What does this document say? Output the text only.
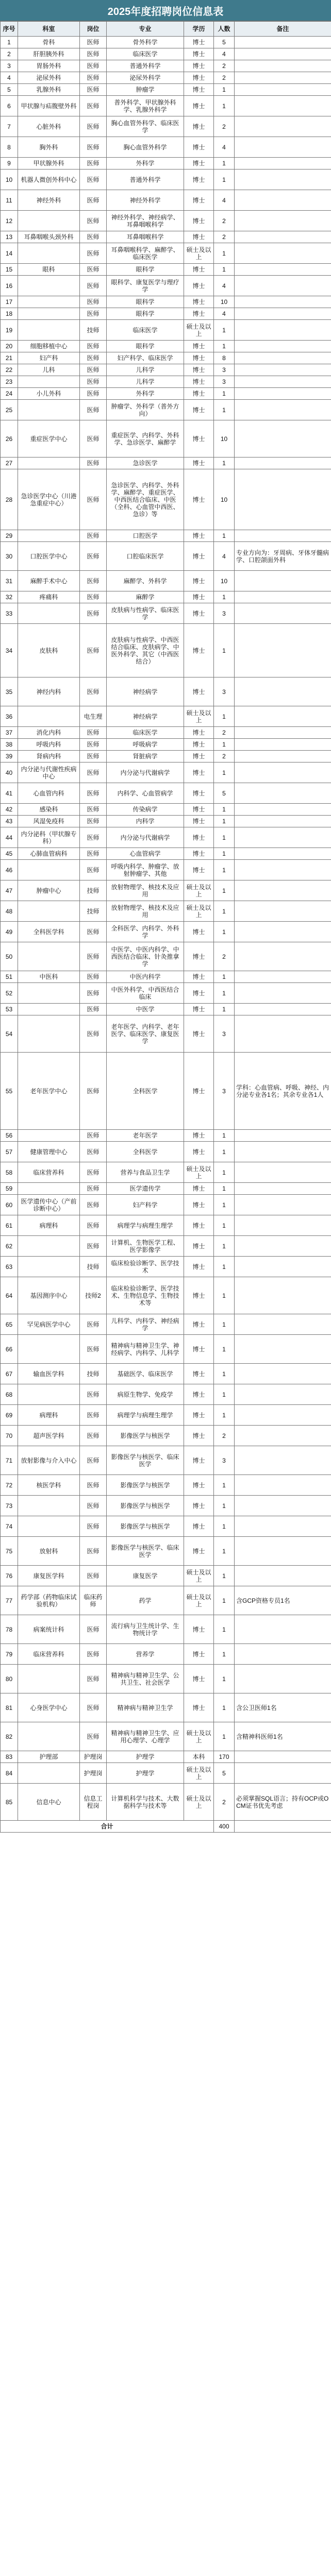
2025年度招聘岗位信息表
序号	科室	岗位	专业	学历	人数	备注
1	骨科	医师	骨外科学	博士	5	
2	肝胆胰外科	医师	临床医学	博士	4	
3	胃肠外科	医师	普通外科学	博士	2	
4	泌尿外科	医师	泌尿外科学	博士	2	
5	乳腺外科	医师	肿瘤学	博士	1	
6	甲状腺与疝腹壁外科	医师	普外科学、甲状腺外科学、乳腺外科学	博士	1	
7	心脏外科	医师	胸心血管外科学、临床医学	博士	2	
8	胸外科	医师	胸心血管外科学	博士	4	
9	甲状腺外科	医师	外科学	博士	1	
10	机器人微创外科中心	医师	普通外科学	博士	1	
11	神经外科	医师	神经外科学	博士	4	
12		医师	神经外科学、神经病学、耳鼻咽喉科学	博士	2	
13	耳鼻咽喉头颈外科	医师	耳鼻咽喉科学	博士	2	
14		医师	耳鼻咽喉科学、麻醉学、临床医学	硕士及以上	1	
15	眼科	医师	眼科学	博士	1	
16		医师	眼科学、康复医学与理疗学	博士	4	
17		医师	眼科学	博士	10	
18		医师	眼科学	博士	4	
19		技师	临床医学	硕士及以上	1	
20	细胞移植中心	医师	眼科学	博士	1	
21	妇产科	医师	妇产科学、临床医学	博士	8	
22	儿科	医师	儿科学	博士	3	
23		医师	儿科学	博士	3	
24	小儿外科	医师	外科学	博士	1	
25		医师	肿瘤学、外科学（普外方向）	博士	1	
26	重症医学中心	医师	重症医学、内科学、外科学、急诊医学、麻醉学	博士	10	
27		医师	急诊医学	博士	1	
28	急诊医学中心（川港急重症中心）	医师	急诊医学、内科学、外科学、麻醉学、重症医学、中西医结合临床、中医（全科、心血管中西医、急诊）等	博士	10	
29		医师	口腔医学	博士	1	
30	口腔医学中心	医师	口腔临床医学	博士	4	专业方向为：牙周病、牙体牙髓病学、口腔颌面外科
31	麻醉手术中心	医师	麻醉学、外科学	博士	10	
32	疼痛科	医师	麻醉学	博士	1	
33		医师	皮肤病与性病学、临床医学	博士	3	
34	皮肤科	医师	皮肤病与性病学、中西医结合临床、皮肤病学、中医外科学、其它（中西医结合）	博士	1	
35	神经内科	医师	神经病学	博士	3	
36		电生理	神经病学	硕士及以上	1	
37	消化内科	医师	临床医学	博士	2	
38	呼吸内科	医师	呼吸病学	博士	1	
39	肾病内科	医师	肾脏病学	博士	2	
40	内分泌与代谢性疾病中心	医师	内分泌与代谢病学	博士	1	
41	心血管内科	医师	内科学、心血管病学	博士	5	
42	感染科	医师	传染病学	博士	1	
43	风湿免疫科	医师	内科学	博士	1	
44	内分泌科（甲状腺专科）	医师	内分泌与代谢病学	博士	1	
45	心肺血管病科	医师	心血管病学	博士	1	
46		医师	呼吸内科学、肿瘤学、放射肿瘤学、其他	博士	1	
47	肿瘤中心	技师	放射物理学、核技术及应用	硕士及以上	1	
48		技师	放射物理学、核技术及应用	硕士及以上	1	
49	全科医学科	医师	全科医学、内科学、外科学	博士	1	
50		医师	中医学、中医内科学、中西医结合临床、针灸推拿学	博士	2	
51	中医科	医师	中医内科学	博士	1	
52		医师	中医外科学、中西医结合临床	博士	1	
53		医师	中医学	博士	1	
54		医师	老年医学、内科学、老年医学、临床医学、康复医学	博士	3	
55	老年医学中心	医师	全科医学	博士	3	学科：心血管病、呼吸、神经、内分泌专业各1名；其余专业各1人
56		医师	老年医学	博士	1	
57	健康管理中心	医师	全科医学	博士	1	
58	临床营养科	医师	营养与食品卫生学	硕士及以上	1	
59		医师	医学遗传学	博士	1	
60	医学遗传中心（产前诊断中心）	医师	妇产科学	博士	1	
61	病理科	医师	病理学与病理生理学	博士	1	
62		医师	计算机、生物医学工程、医学影像学	博士	1	
63		技师	临床检验诊断学、医学技术	博士	1	
64	基因测序中心	技师2	临床检验诊断学、医学技术、生物信息学、生物技术等	博士	1	
65	罕见病医学中心	医师	儿科学、内科学、神经病学	博士	1	
66		医师	精神病与精神卫生学、神经病学、内科学、儿科学	博士	1	
67	输血医学科	技师	基础医学、临床医学	博士	1	
68		医师	病原生物学、免疫学	博士	1	
69	病理科	医师	病理学与病理生理学	博士	1	
70	超声医学科	医师	影像医学与核医学	博士	2	
71	放射影像与介入中心	医师	影像医学与核医学、临床医学	博士	3	
72	核医学科	医师	影像医学与核医学	博士	1	
73		医师	影像医学与核医学	博士	1	
74		医师	影像医学与核医学	博士	1	
75	放射科	医师	影像医学与核医学、临床医学	博士	1	
76	康复医学科	医师	康复医学	硕士及以上	1	
77	药学部（药物临床试验机构）	临床药师	药学	硕士及以上	1	含GCP资格专员1名
78	病案统计科	医师	流行病与卫生统计学、生物统计学	博士	1	
79	临床营养科	医师	营养学	博士	1	
80		医师	精神病与精神卫生学、公共卫生、社会医学	博士	1	
81	心身医学中心	医师	精神病与精神卫生学	博士	1	含公卫医师1名
82		医师	精神病与精神卫生学、应用心理学、心理学	硕士及以上	1	含精神科医师1名
83	护理部	护理岗	护理学	本科	170	
84		护理岗	护理学	硕士及以上	5	
85	信息中心	信息工程岗	计算机科学与技术、大数据科学与技术等	硕士及以上	2	必须掌握SQL语言；持有OCP或OCM证书优先考虑
合计					400	
